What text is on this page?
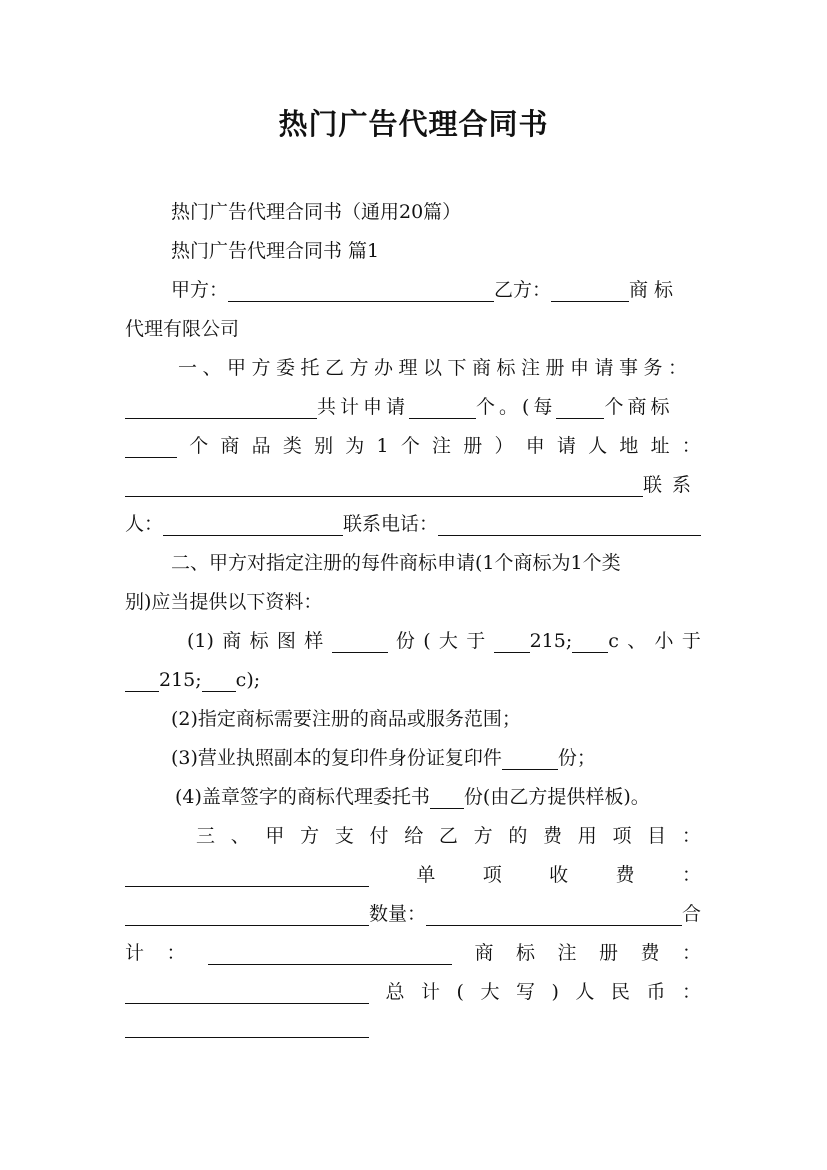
热门广告代理合同书
热门广告代理合同书（通用20篇）
热门广告代理合同书 篇1
甲方：	乙方：	商标
代理有限公司
一、甲方委托乙方办理以下商标注册申请事务：
共计申请	个。(每	个商标
个 商 品 类 别 为 1 个 注 册 ） 申 请 人 地 址 ：
联系
人：	联系电话：
二、甲方对指定注册的每件商标申请(1个商标为1个类
别)应当提供以下资料：
(1) 商 标 图 样	份 ( 大 于 215; c 、 小 于
215; c);
(2)指定商标需要注册的商品或服务范围；
(3)营业执照副本的复印件身份证复印件	份；
(4)盖章签字的商标代理委托书 份(由乙方提供样板)。
三 、 甲 方 支 付 给 乙 方 的 费 用 项 目 ：
单 项 收 费 ：
数量：	合
计 ：	商 标 注 册 费 ：
总 计 ( 大 写 ) 人 民 币 ：
